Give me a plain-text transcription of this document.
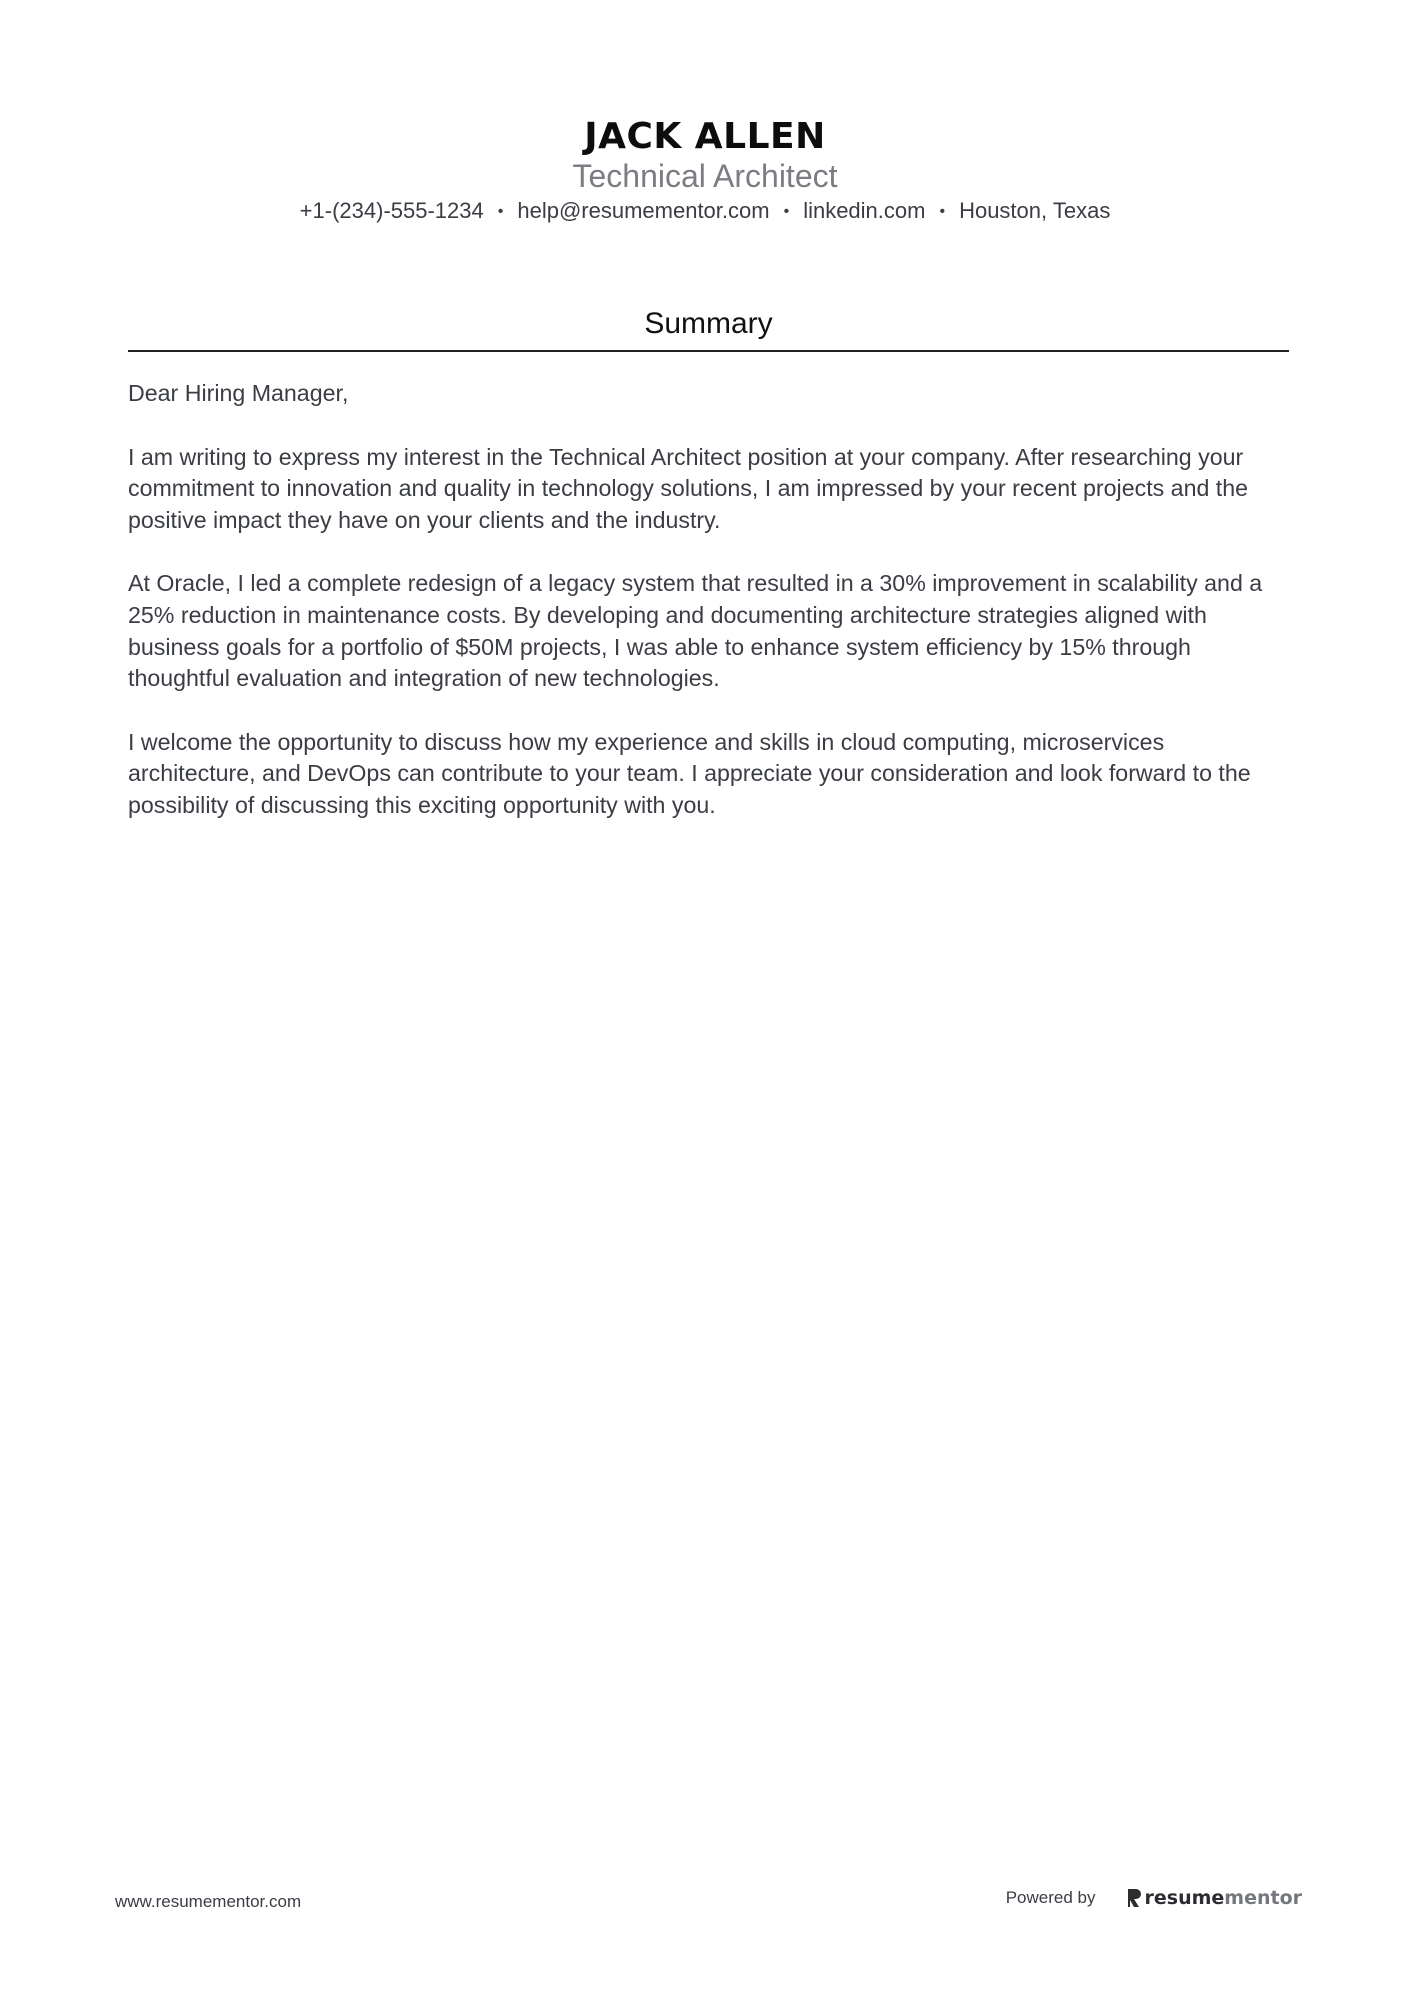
JACK ALLEN
Technical Architect
+1-(234)-555-1234 • help@resumementor.com • linkedin.com • Houston, Texas
Summary

Dear Hiring Manager,

I am writing to express my interest in the Technical Architect position at your company. After researching your commitment to innovation and quality in technology solutions, I am impressed by your recent projects and the positive impact they have on your clients and the industry.

At Oracle, I led a complete redesign of a legacy system that resulted in a 30% improvement in scalability and a 25% reduction in maintenance costs. By developing and documenting architecture strategies aligned with business goals for a portfolio of $50M projects, I was able to enhance system efficiency by 15% through thoughtful evaluation and integration of new technologies.

I welcome the opportunity to discuss how my experience and skills in cloud computing, microservices architecture, and DevOps can contribute to your team. I appreciate your consideration and look forward to the possibility of discussing this exciting opportunity with you.

www.resumementor.com	Powered by	resume mentor
